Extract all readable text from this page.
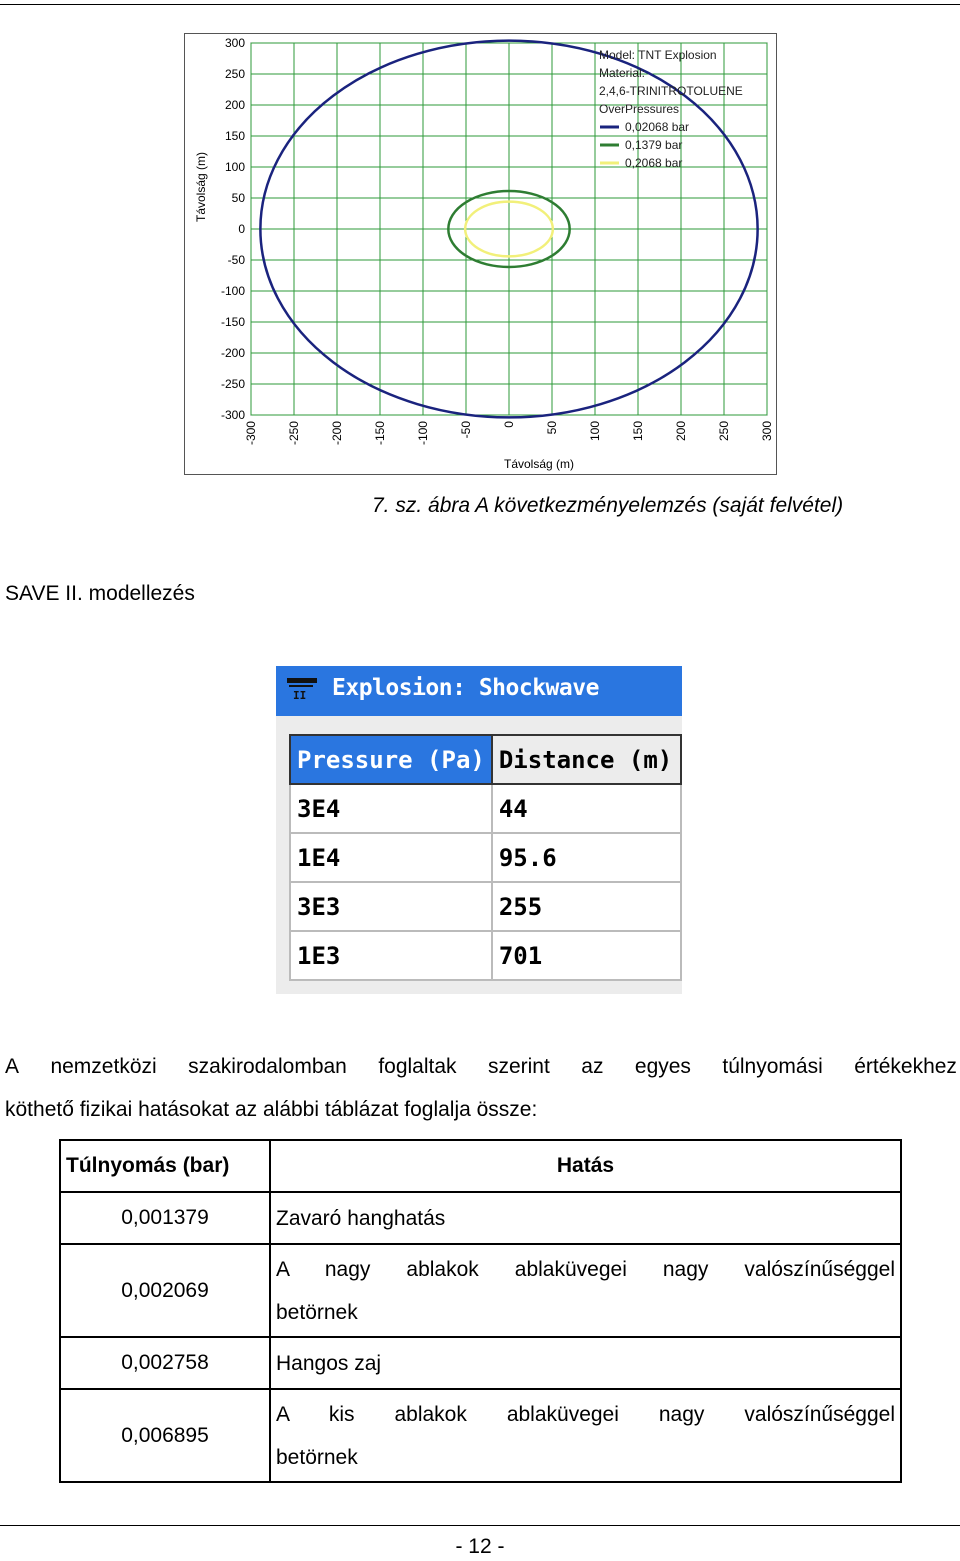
-300 -250 -200 -150 -100 -50 0 50 100 150 200 250 300
300
250
200
150
100
50
0
-50
-100
-150
-200
-250
-300
Távolság (m)
Távolság (m)
Model: TNT Explosion
Material:
2,4,6-TRINITROTOLUENE
OverPressures
0,02068 bar
0,1379 bar
0,2068 bar
7. sz. ábra A következményelemzés (saját felvétel)
SAVE II. modellezés
II Explosion: Shockwave
Pressure (Pa)	Distance (m)
3E4	44
1E4	95.6
3E3	255
1E3	701
A nemzetközi szakirodalomban foglaltak szerint az egyes túlnyomási értékekhez
köthető fizikai hatásokat az alábbi táblázat foglalja össze:
Túlnyomás (bar)	Hatás
0,001379	Zavaró hanghatás
0,002069	A nagy ablakok ablaküvegei nagy valószínűséggel
betörnek
0,002758	Hangos zaj
0,006895	A kis ablakok ablaküvegei nagy valószínűséggel
betörnek
- 12 -
